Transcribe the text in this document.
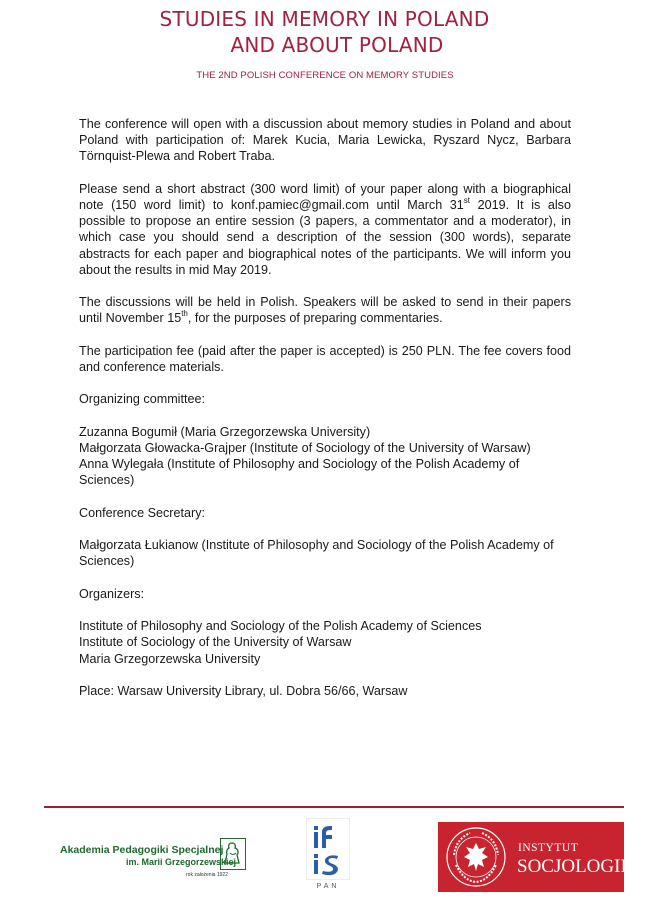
STUDIES IN MEMORY IN POLAND
AND ABOUT POLAND
THE 2ND POLISH CONFERENCE ON MEMORY STUDIES

The conference will open with a discussion about memory studies in Poland and about Poland with participation of: Marek Kucia, Maria Lewicka, Ryszard Nycz, Barbara Törnquist-Plewa and Robert Traba.

Please send a short abstract (300 word limit) of your paper along with a biographical note (150 word limit) to konf.pamiec@gmail.com until March 31st 2019. It is also possible to propose an entire session (3 papers, a commentator and a moderator), in which case you should send a description of the session (300 words), separate abstracts for each paper and biographical notes of the participants. We will inform you about the results in mid May 2019.

The discussions will be held in Polish. Speakers will be asked to send in their papers until November 15th, for the purposes of preparing commentaries.

The participation fee (paid after the paper is accepted) is 250 PLN. The fee covers food and conference materials.

Organizing committee:

Zuzanna Bogumił (Maria Grzegorzewska University)
Małgorzata Głowacka-Grajper (Institute of Sociology of the University of Warsaw)
Anna Wylegała (Institute of Philosophy and Sociology of the Polish Academy of Sciences)

Conference Secretary:

Małgorzata Łukianow (Institute of Philosophy and Sociology of the Polish Academy of Sciences)

Organizers:

Institute of Philosophy and Sociology of the Polish Academy of Sciences
Institute of Sociology of the University of Warsaw
Maria Grzegorzewska University

Place: Warsaw University Library, ul. Dobra 56/66, Warsaw

Akademia Pedagogiki Specjalnej
im. Marii Grzegorzewskiej
rok założenia 1922
PAN
INSTYTUT
SOCJOLOGII
